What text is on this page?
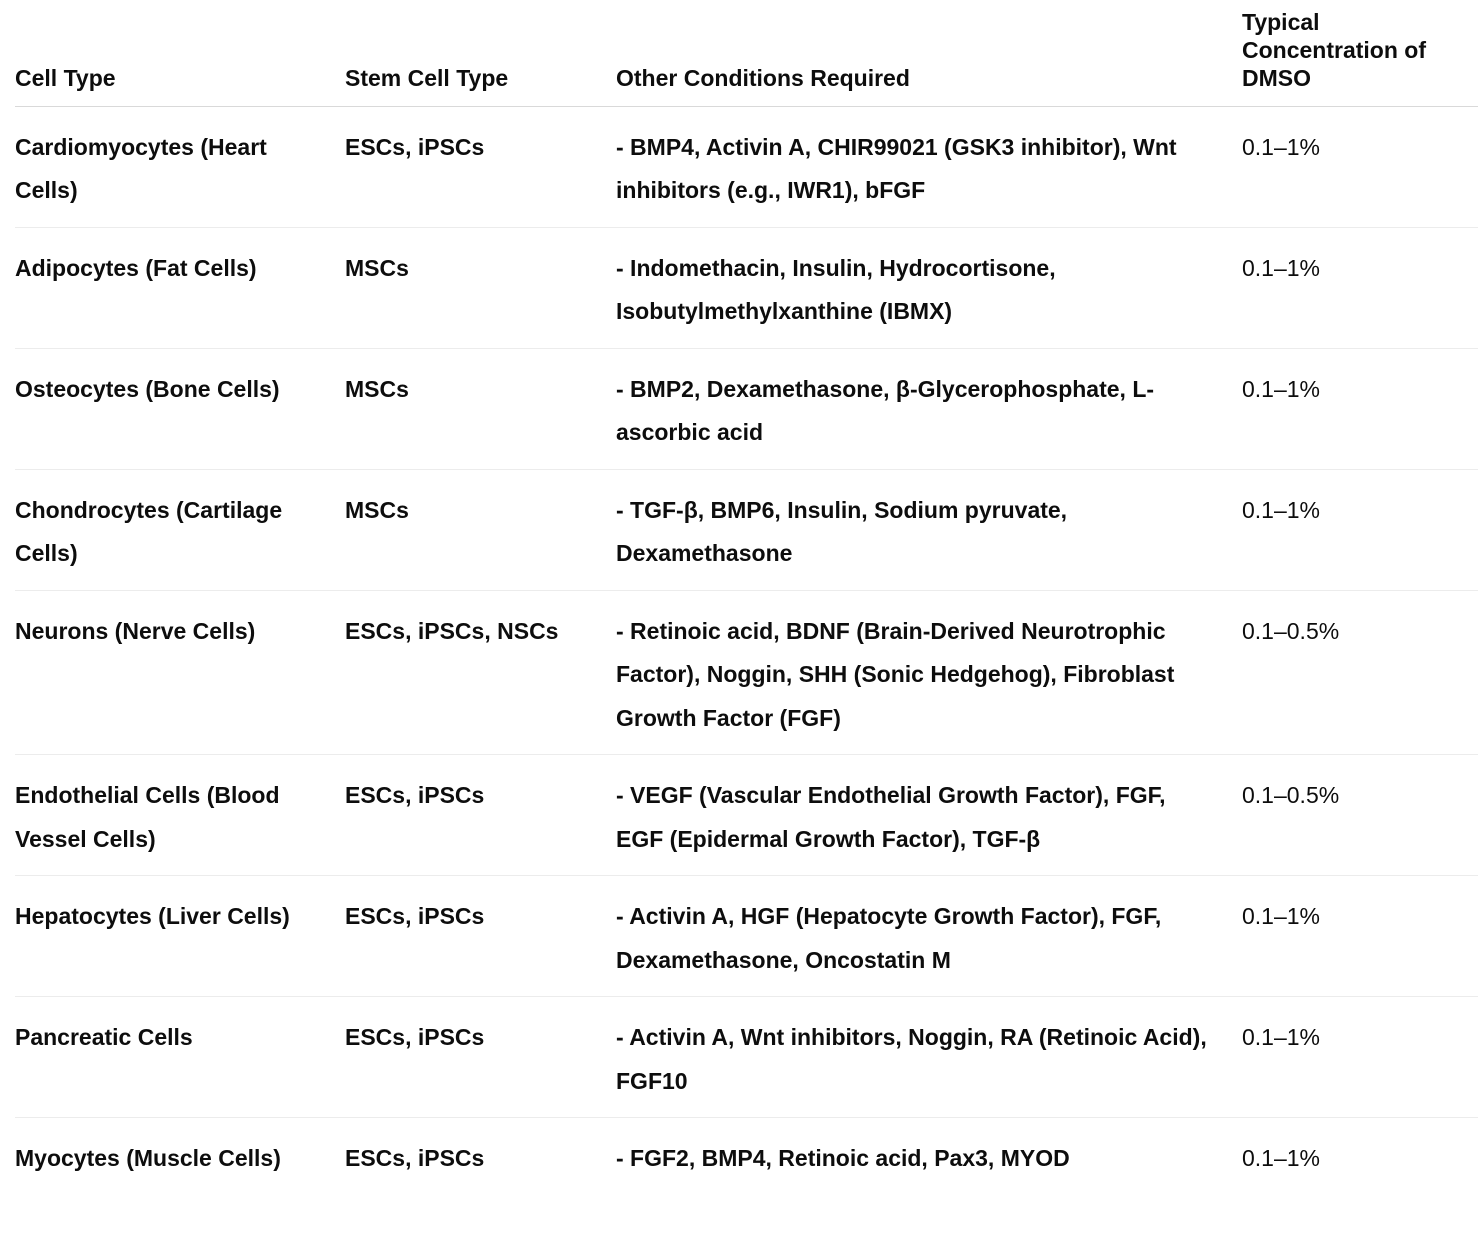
Cell Type	Stem Cell Type	Other Conditions Required	Typical Concentration of DMSO
Cardiomyocytes (Heart Cells)	ESCs, iPSCs	- BMP4, Activin A, CHIR99021 (GSK3 inhibitor), Wnt inhibitors (e.g., IWR1), bFGF	0.1–1%
Adipocytes (Fat Cells)	MSCs	- Indomethacin, Insulin, Hydrocortisone, Isobutylmethylxanthine (IBMX)	0.1–1%
Osteocytes (Bone Cells)	MSCs	- BMP2, Dexamethasone, β-Glycerophosphate, L-ascorbic acid	0.1–1%
Chondrocytes (Cartilage Cells)	MSCs	- TGF-β, BMP6, Insulin, Sodium pyruvate, Dexamethasone	0.1–1%
Neurons (Nerve Cells)	ESCs, iPSCs, NSCs	- Retinoic acid, BDNF (Brain-Derived Neurotrophic Factor), Noggin, SHH (Sonic Hedgehog), Fibroblast Growth Factor (FGF)	0.1–0.5%
Endothelial Cells (Blood Vessel Cells)	ESCs, iPSCs	- VEGF (Vascular Endothelial Growth Factor), FGF, EGF (Epidermal Growth Factor), TGF-β	0.1–0.5%
Hepatocytes (Liver Cells)	ESCs, iPSCs	- Activin A, HGF (Hepatocyte Growth Factor), FGF, Dexamethasone, Oncostatin M	0.1–1%
Pancreatic Cells	ESCs, iPSCs	- Activin A, Wnt inhibitors, Noggin, RA (Retinoic Acid), FGF10	0.1–1%
Myocytes (Muscle Cells)	ESCs, iPSCs	- FGF2, BMP4, Retinoic acid, Pax3, MYOD	0.1–1%
